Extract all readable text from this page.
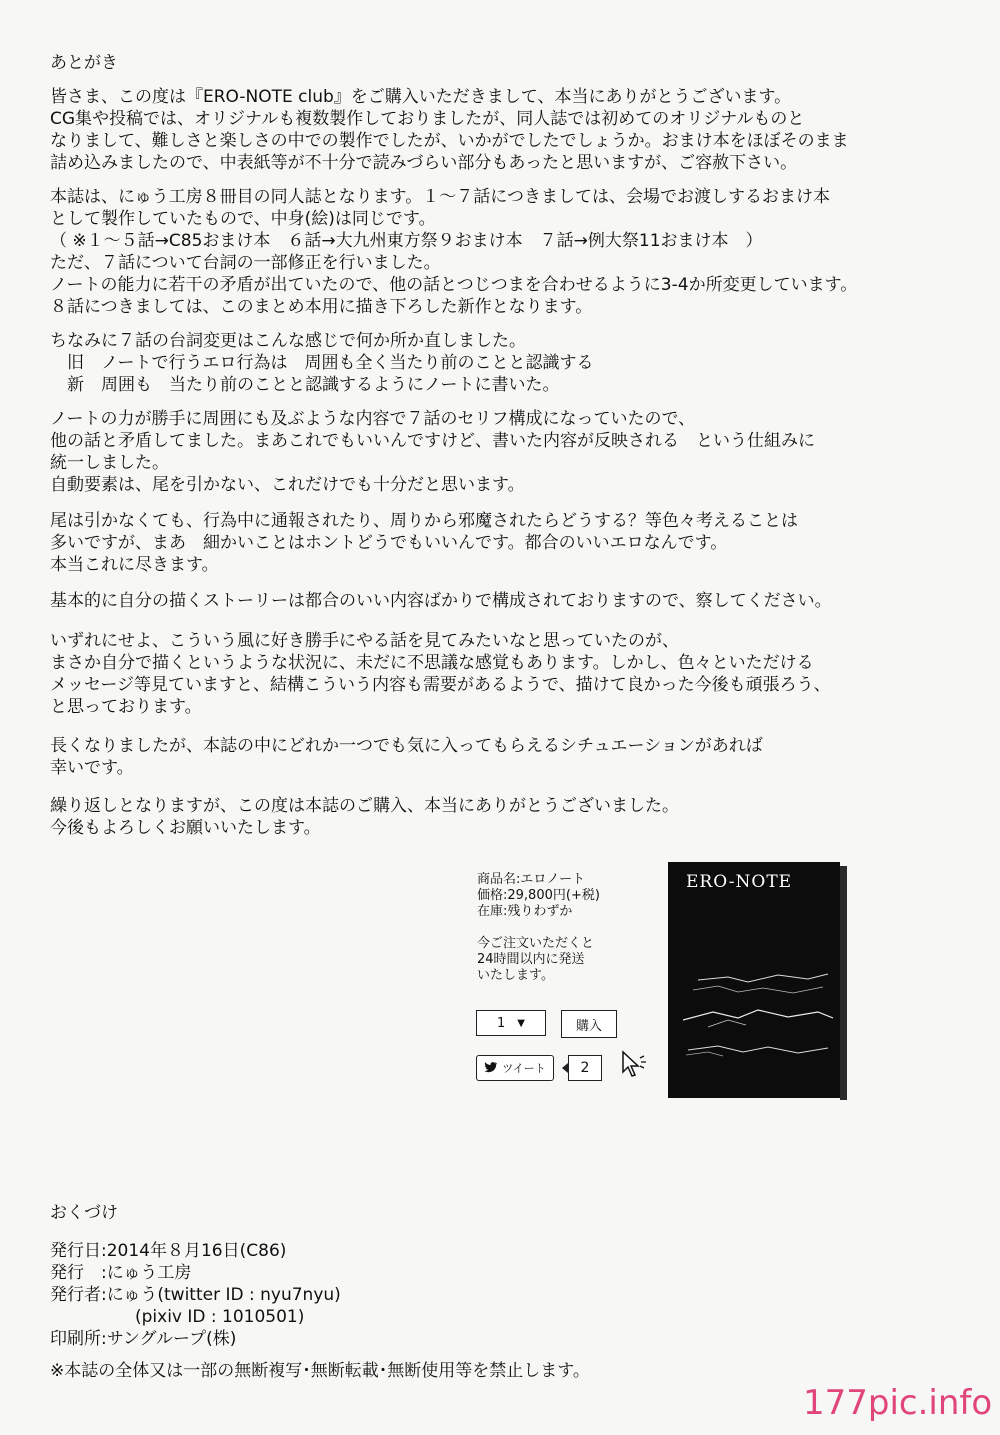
あとがき

皆さま、この度は『ERO-NOTE club』をご購入いただきまして、本当にありがとうございます。
CG集や投稿では、オリジナルも複数製作しておりましたが、同人誌では初めてのオリジナルものと
なりまして、難しさと楽しさの中での製作でしたが、いかがでしたでしょうか。おまけ本をほぼそのまま
詰め込みましたので、中表紙等が不十分で読みづらい部分もあったと思いますが、ご容赦下さい。

本誌は、にゅう工房８冊目の同人誌となります。１～７話につきましては、会場でお渡しするおまけ本
として製作していたもので、中身(絵)は同じです。
（ ※１～５話→C85おまけ本　６話→大九州東方祭９おまけ本　７話→例大祭11おまけ本　）
ただ、７話について台詞の一部修正を行いました。
ノートの能力に若干の矛盾が出ていたので、他の話とつじつまを合わせるように3-4か所変更しています。
８話につきましては、このまとめ本用に描き下ろした新作となります。

ちなみに７話の台詞変更はこんな感じで何か所か直しました。
　旧　ノートで行うエロ行為は　周囲も全く当たり前のことと認識する
　新　周囲も　当たり前のことと認識するようにノートに書いた。

ノートの力が勝手に周囲にも及ぶような内容で７話のセリフ構成になっていたので、
他の話と矛盾してました。まあこれでもいいんですけど、書いた内容が反映される　という仕組みに
統一しました。
自動要素は、尾を引かない、これだけでも十分だと思います。

尾は引かなくても、行為中に通報されたり、周りから邪魔されたらどうする？等色々考えることは
多いですが、まあ　細かいことはホントどうでもいいんです。都合のいいエロなんです。
本当これに尽きます。

基本的に自分の描くストーリーは都合のいい内容ばかりで構成されておりますので、察してください。

いずれにせよ、こういう風に好き勝手にやる話を見てみたいなと思っていたのが、
まさか自分で描くというような状況に、未だに不思議な感覚もあります。しかし、色々といただける
メッセージ等見ていますと、結構こういう内容も需要があるようで、描けて良かった今後も頑張ろう、
と思っております。

長くなりましたが、本誌の中にどれか一つでも気に入ってもらえるシチュエーションがあれば
幸いです。

繰り返しとなりますが、この度は本誌のご購入、本当にありがとうございました。
今後もよろしくお願いいたします。

商品名:エロノート
価格:29,800円(+税)
在庫:残りわずか
今ご注文いただくと
24時間以内に発送
いたします。
1 ▼	購入
ツイート 2
ERO-NOTE
おくづけ
発行日:2014年８月16日(C86)
発行　:にゅう工房
発行者:にゅう(twitter ID : nyu7nyu)
　　　　　(pixiv ID : 1010501)
印刷所:サングループ(株)
※本誌の全体又は一部の無断複写･無断転載･無断使用等を禁止します。
177pic.info
